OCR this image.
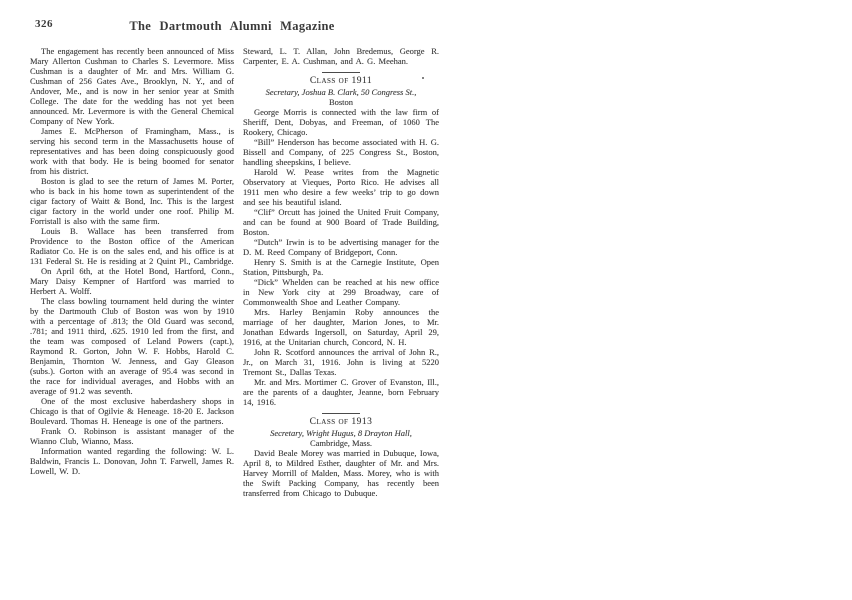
326	The Dartmouth Alumni Magazine

The engagement has recently been announced of Miss Mary Allerton Cushman to Charles S. Levermore. Miss Cushman is a daughter of Mr. and Mrs. William G. Cushman of 256 Gates Ave., Brooklyn, N. Y., and of Andover, Me., and is now in her senior year at Smith College. The date for the wedding has not yet been announced. Mr. Levermore is with the General Chemical Company of New York.

James E. McPherson of Framingham, Mass., is serving his second term in the Massachusetts house of representatives and has been doing conspicuously good work with that body. He is being boomed for senator from his district.

Boston is glad to see the return of James M. Porter, who is back in his home town as superintendent of the cigar factory of Waitt & Bond, Inc. This is the largest cigar factory in the world under one roof. Philip M. Forristall is also with the same firm.

Louis B. Wallace has been transferred from Providence to the Boston office of the American Radiator Co. He is on the sales end, and his office is at 131 Federal St. He is residing at 2 Quint Pl., Cambridge.

On April 6th, at the Hotel Bond, Hartford, Conn., Mary Daisy Kempner of Hartford was married to Herbert A. Wolff.

The class bowling tournament held during the winter by the Dartmouth Club of Boston was won by 1910 with a percentage of .813; the Old Guard was second, .781; and 1911 third, .625. 1910 led from the first, and the team was composed of Leland Powers (capt.), Raymond R. Gorton, John W. F. Hobbs, Harold C. Benjamin, Thornton W. Jenness, and Gay Gleason (subs.). Gorton with an average of 95.4 was second in the race for individual averages, and Hobbs with an average of 91.2 was seventh.

One of the most exclusive haberdashery shops in Chicago is that of Ogilvie & Heneage. 18-20 E. Jackson Boulevard. Thomas H. Heneage is one of the partners.

Frank O. Robinson is assistant manager of the Wianno Club, Wianno, Mass.

Information wanted regarding the following: W. L. Baldwin, Francis L. Donovan, John T. Farwell, James R. Lowell, W. D.

Steward, L. T. Allan, John Bredemus, George R. Carpenter, E. A. Cushman, and A. G. Meehan.

Class of 1911
Secretary, Joshua B. Clark, 50 Congress St.,
Boston

George Morris is connected with the law firm of Sheriff, Dent, Dobyas, and Freeman, of 1060 The Rookery, Chicago.

“Bill” Henderson has become associated with H. G. Bissell and Company, of 225 Congress St., Boston, handling sheepskins, I believe.

Harold W. Pease writes from the Magnetic Observatory at Vieques, Porto Rico. He advises all 1911 men who desire a few weeks’ trip to go down and see his beautiful island.

“Clif” Orcutt has joined the United Fruit Company, and can be found at 900 Board of Trade Building, Boston.

“Dutch” Irwin is to be advertising manager for the D. M. Reed Company of Bridgeport, Conn.

Henry S. Smith is at the Carnegie Institute, Open Station, Pittsburgh, Pa.

“Dick” Whelden can be reached at his new office in New York city at 299 Broadway, care of Commonwealth Shoe and Leather Company.

Mrs. Harley Benjamin Roby announces the marriage of her daughter, Marion Jones, to Mr. Jonathan Edwards Ingersoll, on Saturday, April 29, 1916, at the Unitarian church, Concord, N. H.

John R. Scotford announces the arrival of John R., Jr., on March 31, 1916. John is living at 5220 Tremont St., Dallas Texas.

Mr. and Mrs. Mortimer C. Grover of Evanston, Ill., are the parents of a daughter, Jeanne, born February 14, 1916.

Class of 1913
Secretary, Wright Hugus, 8 Drayton Hall,
Cambridge, Mass.

David Beale Morey was married in Dubuque, Iowa, April 8, to Mildred Esther, daughter of Mr. and Mrs. Harvey Morrill of Malden, Mass. Morey, who is with the Swift Packing Company, has recently been transferred from Chicago to Dubuque.
